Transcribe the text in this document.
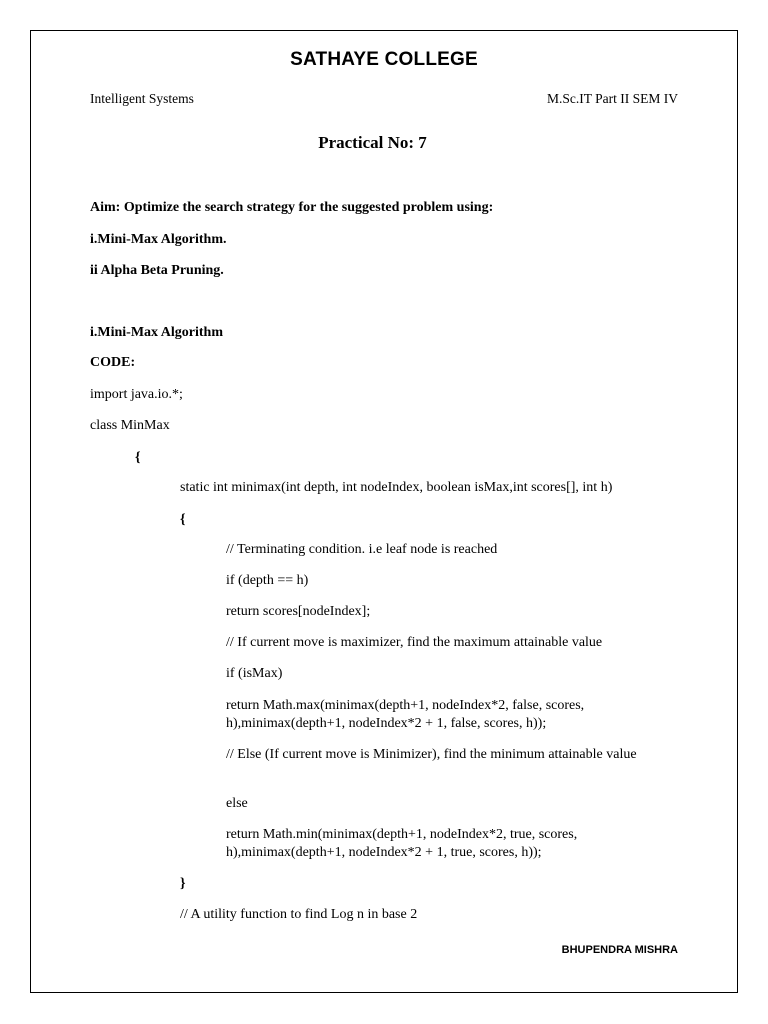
SATHAYE COLLEGE
Intelligent Systems	M.Sc.IT Part II SEM IV
Practical No: 7
Aim: Optimize the search strategy for the suggested problem using:
i.Mini-Max Algorithm.
ii Alpha Beta Pruning.
i.Mini-Max Algorithm
CODE:
import java.io.*;
class MinMax
{
static int minimax(int depth, int nodeIndex, boolean isMax,int scores[], int h)
{
// Terminating condition. i.e leaf node is reached
if (depth == h)
return scores[nodeIndex];
// If current move is maximizer, find the maximum attainable value
if (isMax)
return Math.max(minimax(depth+1, nodeIndex*2, false, scores, h),minimax(depth+1, nodeIndex*2 + 1, false, scores, h));
// Else (If current move is Minimizer), find the minimum attainable value
else
return Math.min(minimax(depth+1, nodeIndex*2, true, scores, h),minimax(depth+1, nodeIndex*2 + 1, true, scores, h));
}
// A utility function to find Log n in base 2
BHUPENDRA MISHRA
